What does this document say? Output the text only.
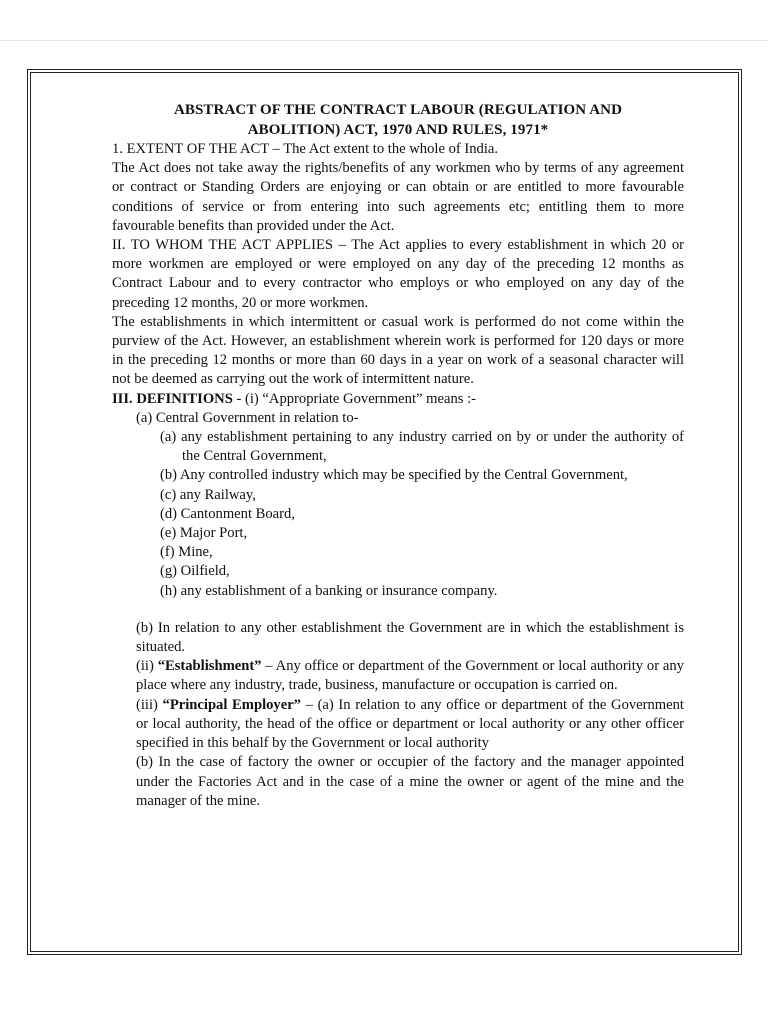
ABSTRACT OF THE CONTRACT LABOUR (REGULATION AND

ABOLITION) ACT, 1970 AND RULES, 1971*

1. EXTENT OF THE ACT – The Act extent to the whole of India.

The Act does not take away the rights/benefits of any workmen who by terms of any agreement or contract or Standing Orders are enjoying or can obtain or are entitled to more favourable conditions of service or from entering into such agreements etc; entitling them to more favourable benefits than provided under the Act.

II. TO WHOM THE ACT APPLIES – The Act applies to every establishment in which 20 or more workmen are employed or were employed on any day of the preceding 12 months as Contract Labour and to every contractor who employs or who employed on any day of the preceding 12 months, 20 or more workmen.

The establishments in which intermittent or casual work is performed do not come within the purview of the Act. However, an establishment wherein work is performed for 120 days or more in the preceding 12 months or more than 60 days in a year on work of a seasonal character will not be deemed as carrying out the work of intermittent nature.

III. DEFINITIONS - (i) “Appropriate Government” means :-

(a) Central Government in relation to-

(a) any establishment pertaining to any industry carried on by or under the authority of the Central Government,

(b) Any controlled industry which may be specified by the Central Government,

(c) any Railway,

(d) Cantonment Board,

(e) Major Port,

(f) Mine,

(g) Oilfield,

(h) any establishment of a banking or insurance company.

(b) In relation to any other establishment the Government are in which the establishment is situated.

(ii) “Establishment” – Any office or department of the Government or local authority or any place where any industry, trade, business, manufacture or occupation is carried on.

(iii) “Principal Employer” – (a) In relation to any office or department of the Government or local authority, the head of the office or department or local authority or any other officer specified in this behalf by the Government or local authority

(b) In the case of factory the owner or occupier of the factory and the manager appointed under the Factories Act and in the case of a mine the owner or agent of the mine and the manager of the mine.
